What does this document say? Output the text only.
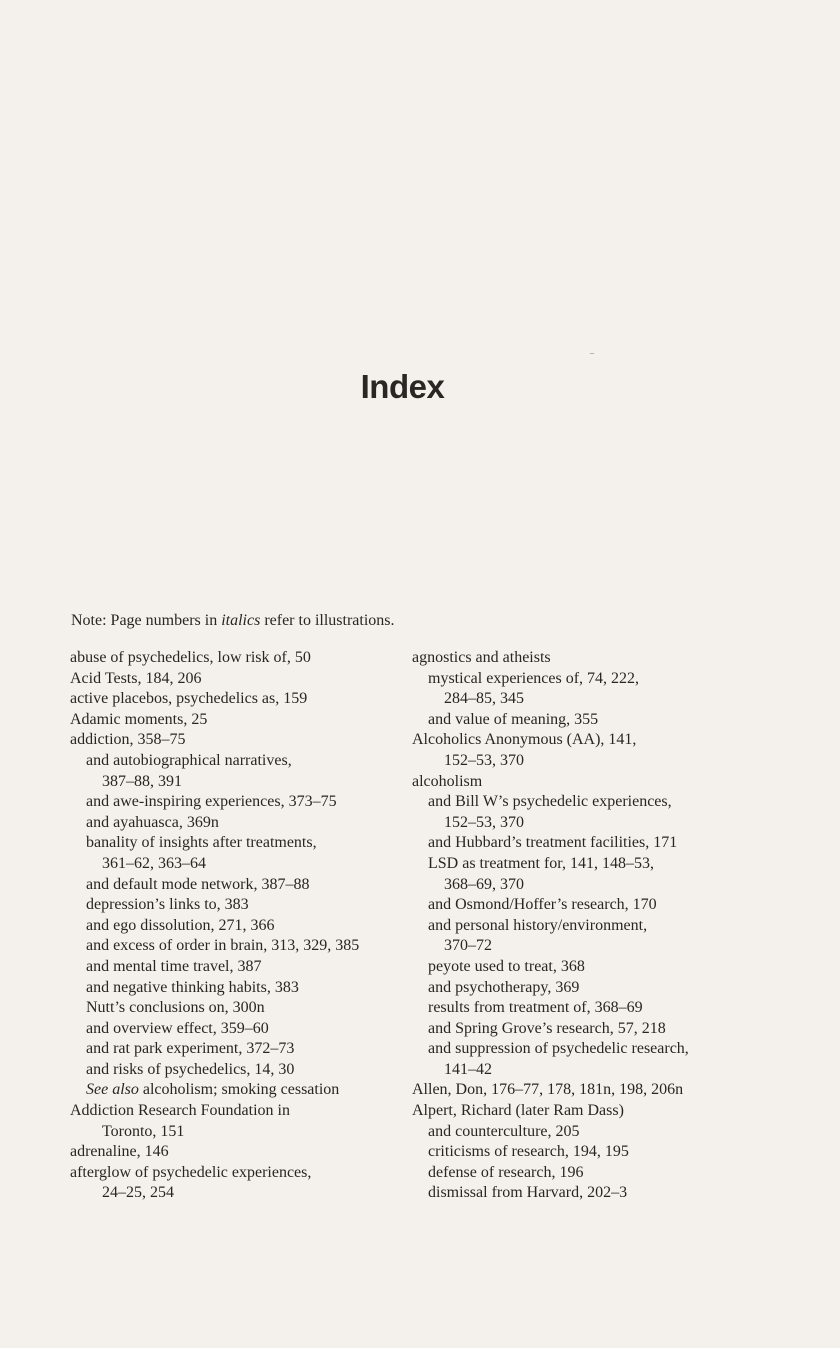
Index
Note: Page numbers in italics refer to illustrations.
abuse of psychedelics, low risk of, 50
Acid Tests, 184, 206
active placebos, psychedelics as, 159
Adamic moments, 25
addiction, 358–75
and autobiographical narratives,
387–88, 391
and awe-inspiring experiences, 373–75
and ayahuasca, 369n
banality of insights after treatments,
361–62, 363–64
and default mode network, 387–88
depression’s links to, 383
and ego dissolution, 271, 366
and excess of order in brain, 313, 329, 385
and mental time travel, 387
and negative thinking habits, 383
Nutt’s conclusions on, 300n
and overview effect, 359–60
and rat park experiment, 372–73
and risks of psychedelics, 14, 30
See also alcoholism; smoking cessation
Addiction Research Foundation in
Toronto, 151
adrenaline, 146
afterglow of psychedelic experiences,
24–25, 254
agnostics and atheists
mystical experiences of, 74, 222,
284–85, 345
and value of meaning, 355
Alcoholics Anonymous (AA), 141,
152–53, 370
alcoholism
and Bill W’s psychedelic experiences,
152–53, 370
and Hubbard’s treatment facilities, 171
LSD as treatment for, 141, 148–53,
368–69, 370
and Osmond/Hoffer’s research, 170
and personal history/environment,
370–72
peyote used to treat, 368
and psychotherapy, 369
results from treatment of, 368–69
and Spring Grove’s research, 57, 218
and suppression of psychedelic research,
141–42
Allen, Don, 176–77, 178, 181n, 198, 206n
Alpert, Richard (later Ram Dass)
and counterculture, 205
criticisms of research, 194, 195
defense of research, 196
dismissal from Harvard, 202–3
